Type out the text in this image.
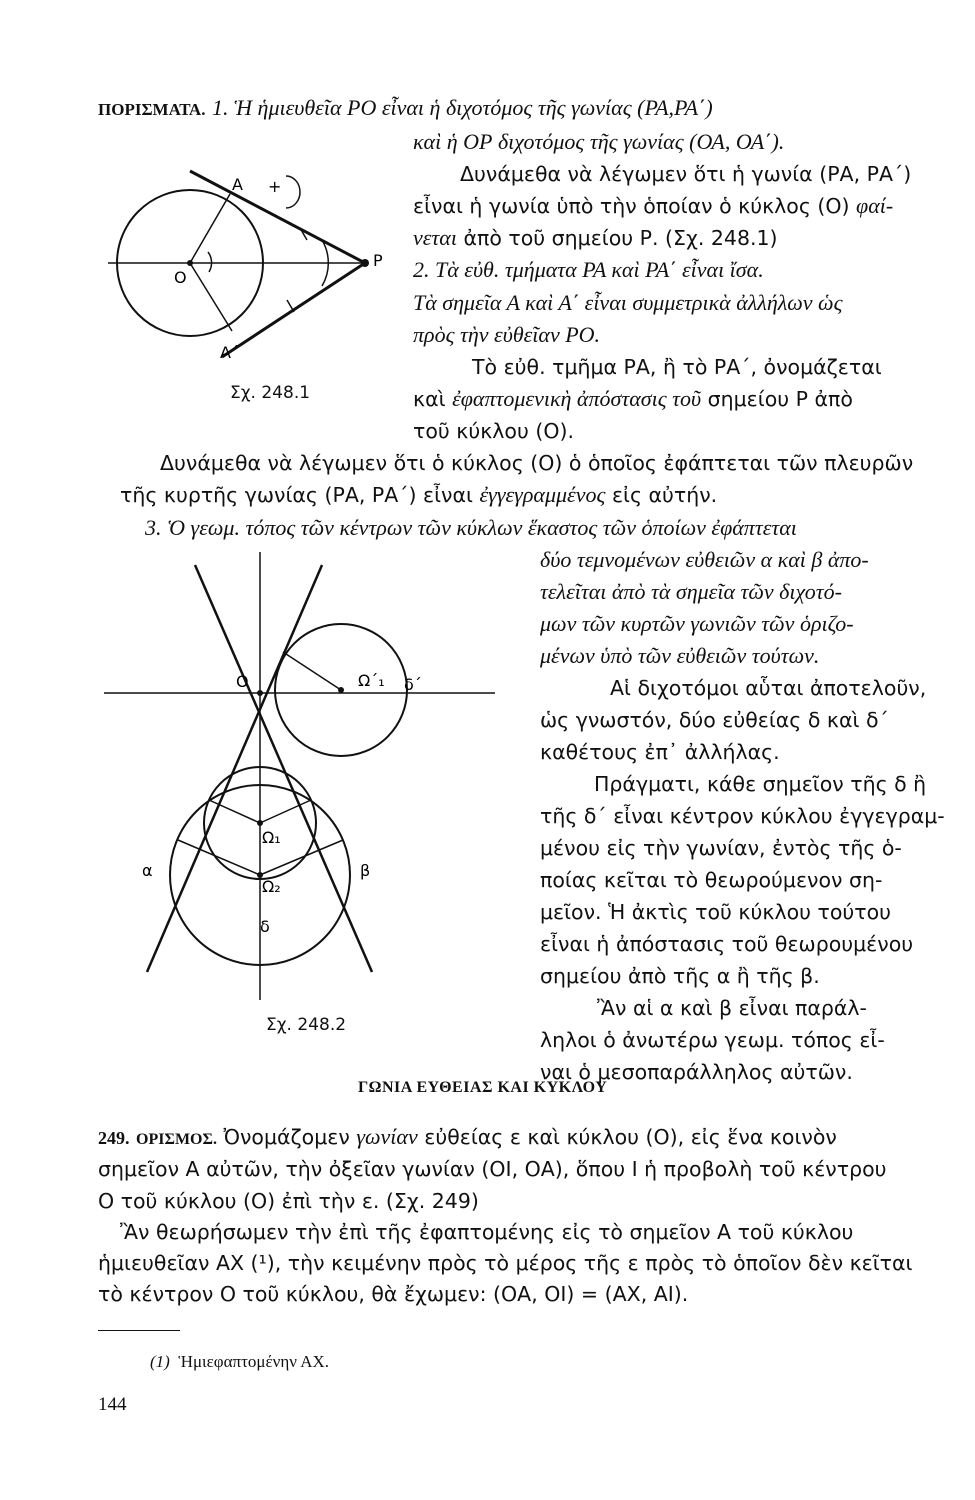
ΠΟΡΙΣΜΑΤΑ. 1. Ἡ ἡμιευθεῖα ΡΟ εἶναι ἡ διχοτόμος τῆς γωνίας (ΡΑ,ΡΑ΄)
καὶ ἡ ΟΡ διχοτόμος τῆς γωνίας (ΟΑ, ΟΑ΄).
Δυνάμεθα νὰ λέγωμεν ὅτι ἡ γωνία (ΡΑ, ΡΑ΄)
εἶναι ἡ γωνία ὑπὸ τὴν ὁποίαν ὁ κύκλος (Ο) φαί-
νεται ἀπὸ τοῦ σημείου Ρ. (Σχ. 248.1)
2. Τὰ εὐθ. τμήματα ΡΑ καὶ ΡΑ΄ εἶναι ἴσα.
Τὰ σημεῖα Α καὶ Α΄ εἶναι συμμετρικὰ ἀλλήλων ὡς
πρὸς τὴν εὐθεῖαν ΡΟ.
Τὸ εὐθ. τμῆμα ΡΑ, ἢ τὸ ΡΑ΄, ὀνομάζεται
καὶ ἐφαπτομενικὴ ἀπόστασις τοῦ σημείου Ρ ἀπὸ
τοῦ κύκλου (Ο).
Δυνάμεθα νὰ λέγωμεν ὅτι ὁ κύκλος (Ο) ὁ ὁποῖος ἐφάπτεται τῶν πλευρῶν
τῆς κυρτῆς γωνίας (ΡΑ, ΡΑ΄) εἶναι ἐγγεγραμμένος εἰς αὐτήν.
3. Ὁ γεωμ. τόπος τῶν κέντρων τῶν κύκλων ἕκαστος τῶν ὁποίων ἐφάπτεται
δύο τεμνομένων εὐθειῶν α καὶ β ἀπο-
τελεῖται ἀπὸ τὰ σημεῖα τῶν διχοτό-
μων τῶν κυρτῶν γωνιῶν τῶν ὁριζο-
μένων ὑπὸ τῶν εὐθειῶν τούτων.
Αἱ διχοτόμοι αὗται ἀποτελοῦν,
ὡς γνωστόν, δύο εὐθείας δ καὶ δ΄
καθέτους ἐπ᾽ ἀλλήλας.
Πράγματι, κάθε σημεῖον τῆς δ ἢ
τῆς δ΄ εἶναι κέντρον κύκλου ἐγγεγραμ-
μένου εἰς τὴν γωνίαν, ἐντὸς τῆς ὁ-
ποίας κεῖται τὸ θεωρούμενον ση-
μεῖον. Ἡ ἀκτὶς τοῦ κύκλου τούτου
εἶναι ἡ ἀπόστασις τοῦ θεωρουμένου
σημείου ἀπὸ τῆς α ἢ τῆς β.
Ἂν αἱ α καὶ β εἶναι παράλ-
ληλοι ὁ ἀνωτέρω γεωμ. τόπος εἶ-
ναι ὁ μεσοπαράλληλος αὐτῶν.
A
A΄
O
P
+
Σχ. 248.1
O	Ω΄₁ δ΄
Ω₁
Ω₂
α	β
δ
Σχ. 248.2
ΓΩΝΙΑ ΕΥΘΕΙΑΣ ΚΑΙ ΚΥΚΛΟΥ
249. ΟΡΙΣΜΟΣ. Ὀνομάζομεν γωνίαν εὐθείας ε καὶ κύκλου (Ο), εἰς ἕνα κοινὸν
σημεῖον Α αὐτῶν, τὴν ὀξεῖαν γωνίαν (ΟΙ, ΟΑ), ὅπου Ι ἡ προβολὴ τοῦ κέντρου
Ο τοῦ κύκλου (Ο) ἐπὶ τὴν ε. (Σχ. 249)
Ἂν θεωρήσωμεν τὴν ἐπὶ τῆς ἐφαπτομένης εἰς τὸ σημεῖον Α τοῦ κύκλου
ἡμιευθεῖαν ΑΧ (¹), τὴν κειμένην πρὸς τὸ μέρος τῆς ε πρὸς τὸ ὁποῖον δὲν κεῖται
τὸ κέντρον Ο τοῦ κύκλου, θὰ ἔχωμεν: (ΟΑ, ΟΙ) = (ΑΧ, ΑΙ).
(1) Ἡμιεφαπτομένην ΑΧ.
144
